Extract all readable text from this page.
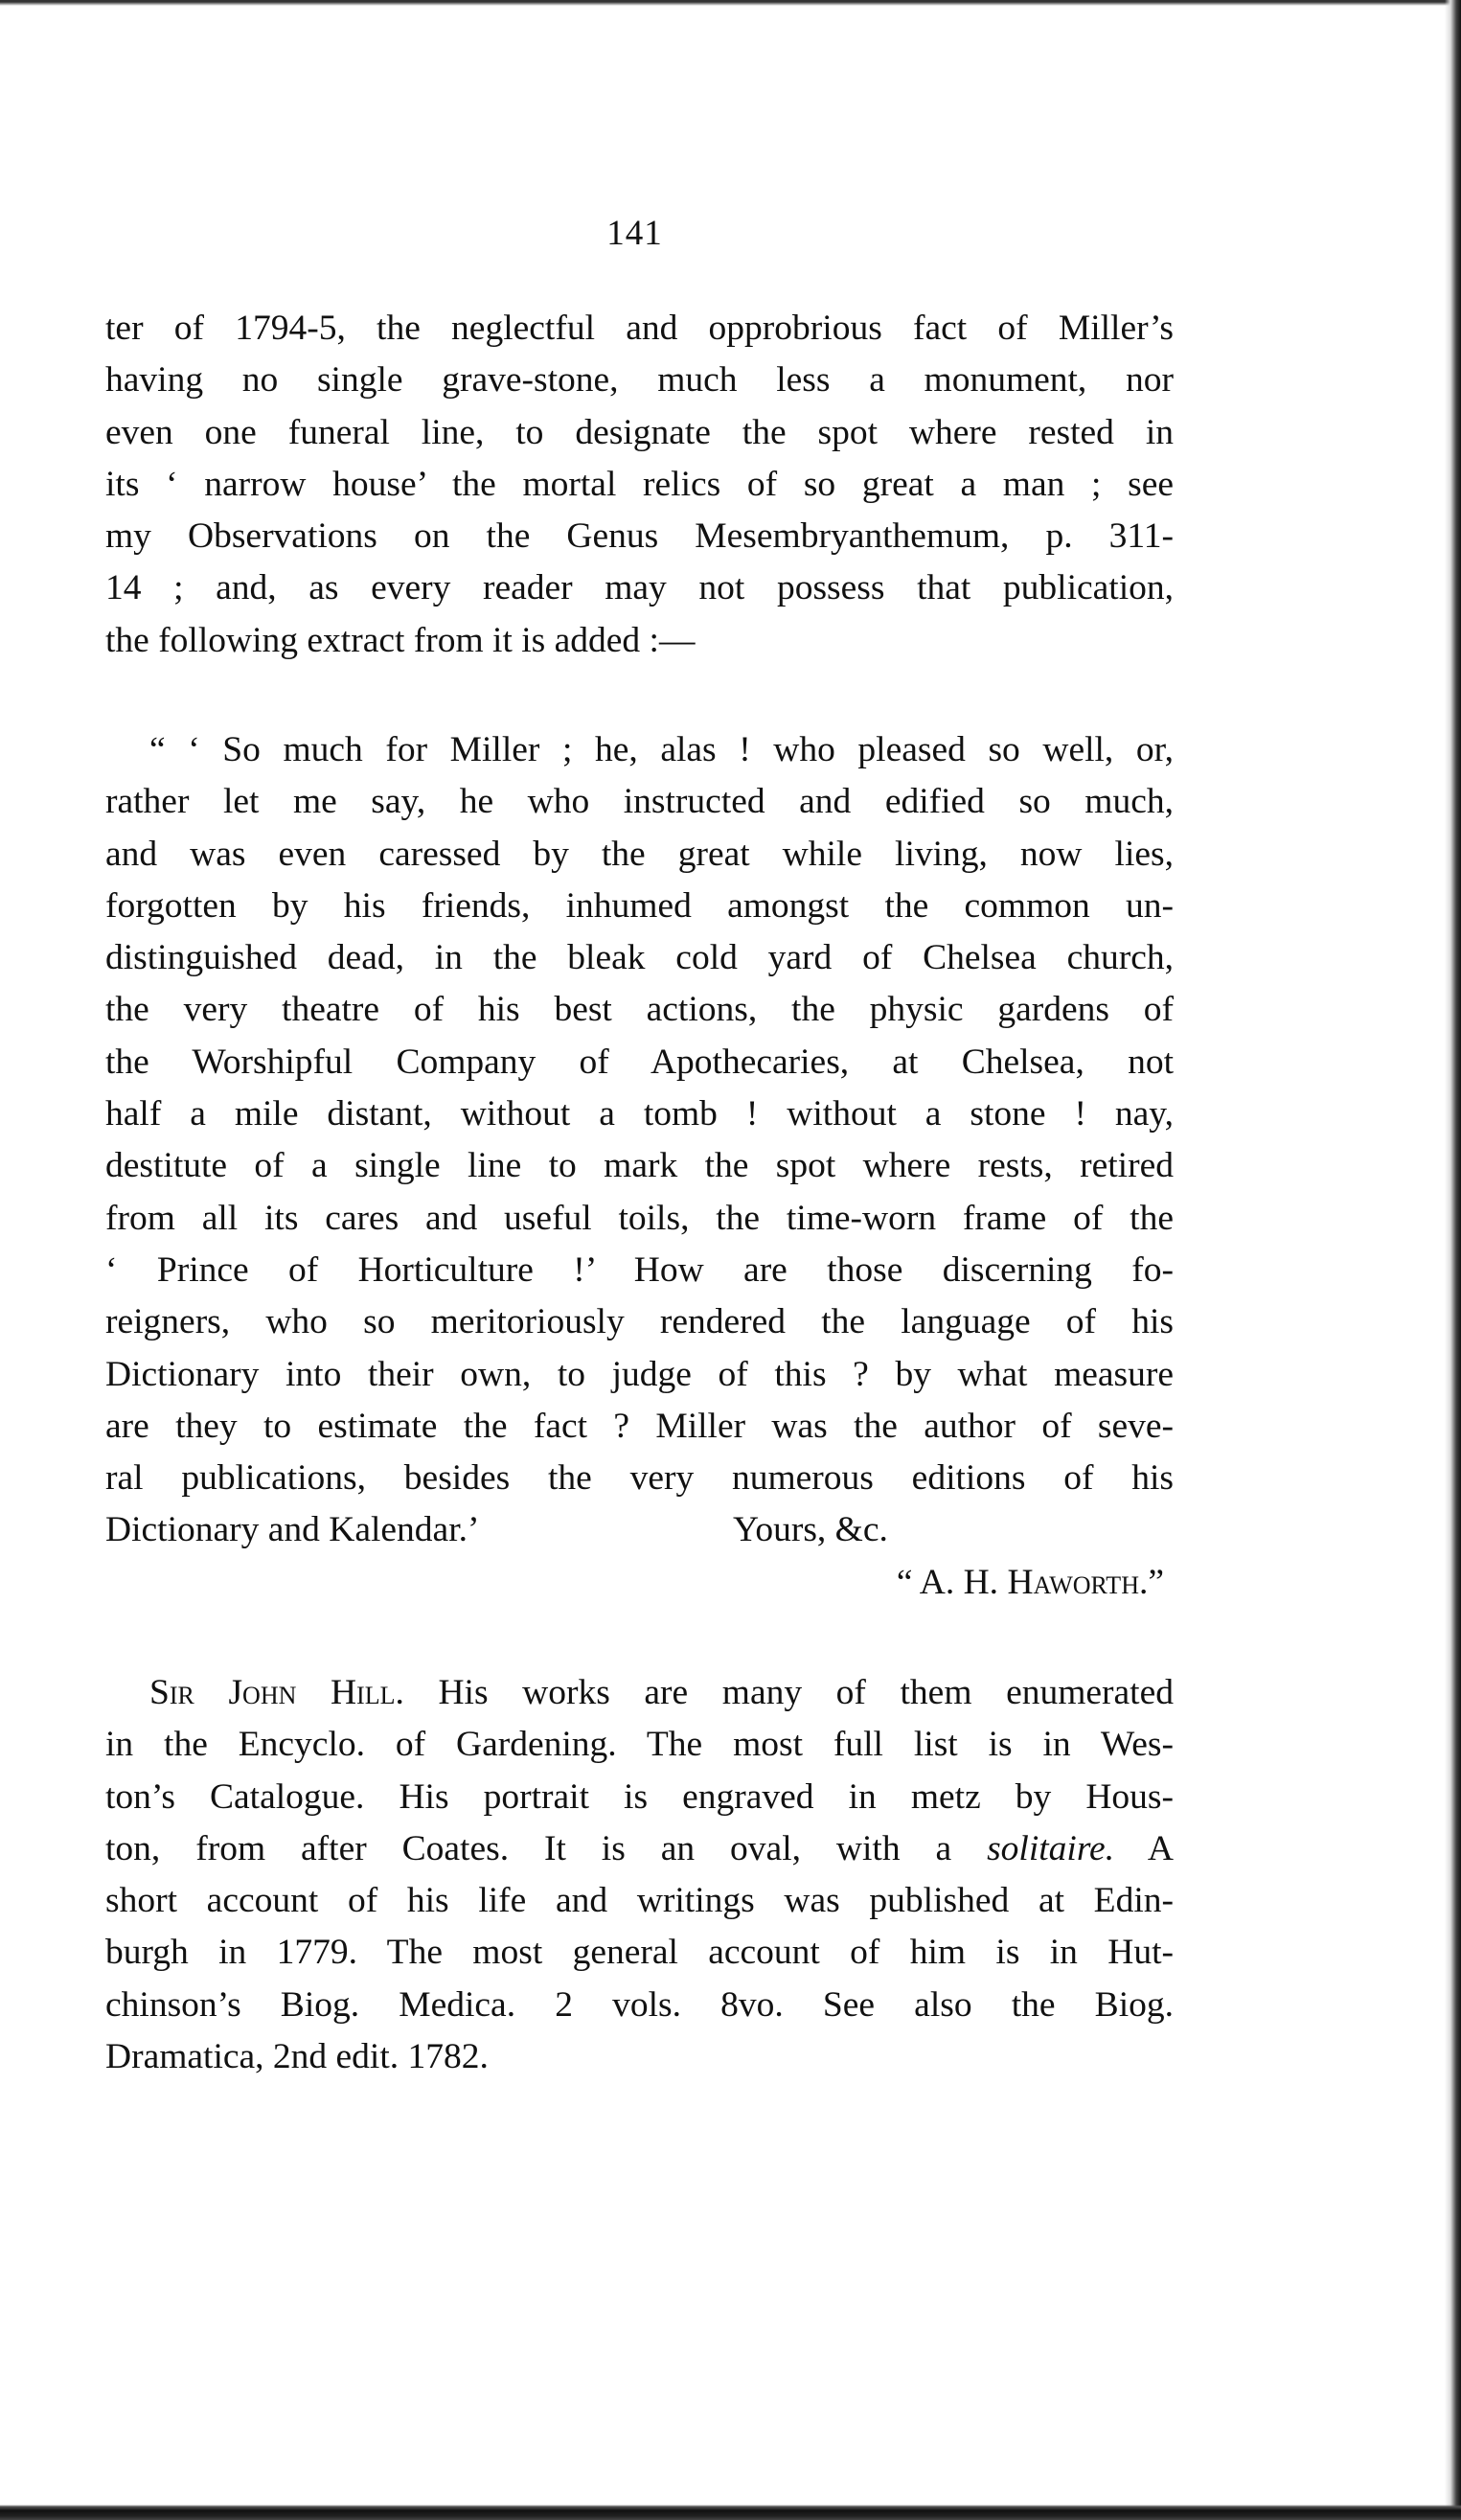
141
ter of 1794-5, the neglectful and opprobrious fact of Miller’s
having no single grave-stone, much less a monument, nor
even one funeral line, to designate the spot where rested in
its ‘ narrow house’ the mortal relics of so great a man ; see
my Observations on the Genus Mesembryanthemum, p. 311-
14 ; and, as every reader may not possess that publication,
the following extract from it is added :—
“ ‘ So much for Miller ; he, alas ! who pleased so well, or,
rather let me say, he who instructed and edified so much,
and was even caressed by the great while living, now lies,
forgotten by his friends, inhumed amongst the common un-
distinguished dead, in the bleak cold yard of Chelsea church,
the very theatre of his best actions, the physic gardens of
the Worshipful Company of Apothecaries, at Chelsea, not
half a mile distant, without a tomb ! without a stone ! nay,
destitute of a single line to mark the spot where rests, retired
from all its cares and useful toils, the time-worn frame of the
‘ Prince of Horticulture !’ How are those discerning fo-
reigners, who so meritoriously rendered the language of his
Dictionary into their own, to judge of this ? by what measure
are they to estimate the fact ? Miller was the author of seve-
ral publications, besides the very numerous editions of his
Dictionary and Kalendar.’	Yours, &c.
“ A. H. Haworth.”
Sir John Hill. His works are many of them enumerated
in the Encyclo. of Gardening. The most full list is in Wes-
ton’s Catalogue. His portrait is engraved in metz by Hous-
ton, from after Coates. It is an oval, with a solitaire. A
short account of his life and writings was published at Edin-
burgh in 1779. The most general account of him is in Hut-
chinson’s Biog. Medica. 2 vols. 8vo. See also the Biog.
Dramatica, 2nd edit. 1782.
